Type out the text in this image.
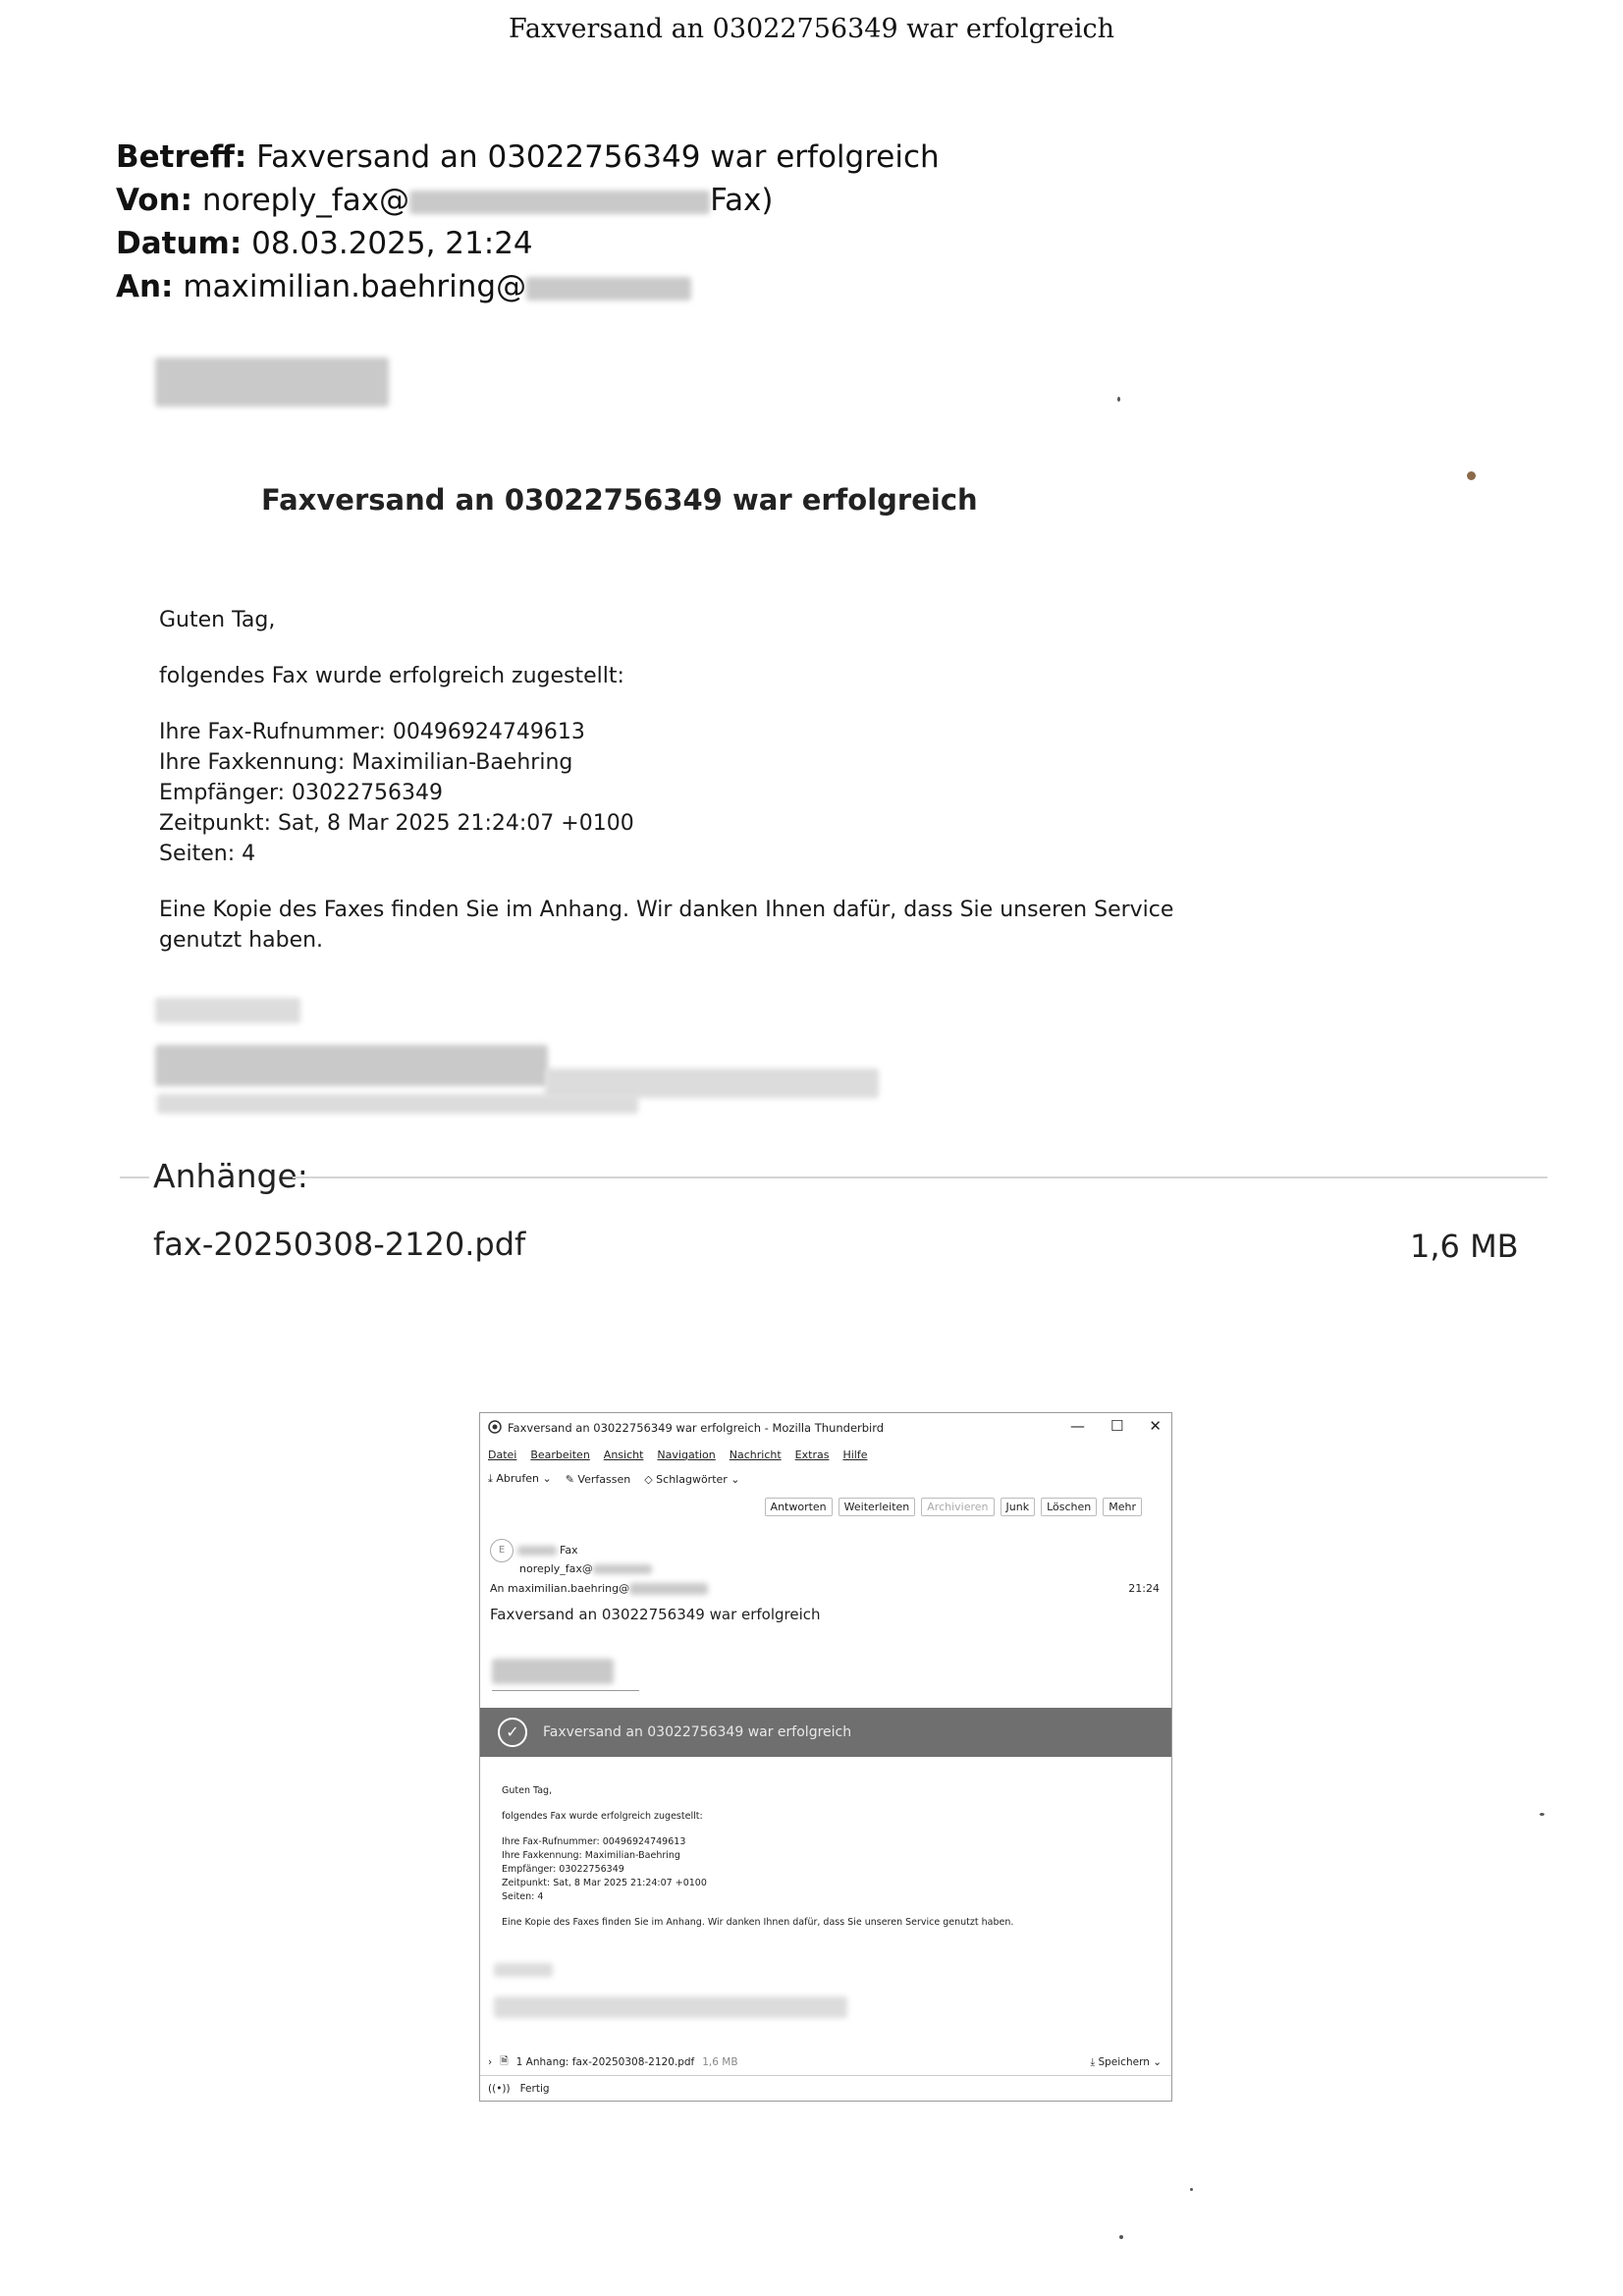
Faxversand an 03022756349 war erfolgreich
Betreff: Faxversand an 03022756349 war erfolgreich
Von: noreply_fax@	Fax)
Datum: 08.03.2025, 21:24
An: maximilian.baehring@
Faxversand an 03022756349 war erfolgreich

Guten Tag,

folgendes Fax wurde erfolgreich zugestellt:

Ihre Fax-Rufnummer: 00496924749613
Ihre Faxkennung: Maximilian-Baehring
Empfänger: 03022756349
Zeitpunkt: Sat, 8 Mar 2025 21:24:07 +0100
Seiten: 4

Eine Kopie des Faxes finden Sie im Anhang. Wir danken Ihnen dafür, dass Sie unseren Service genutzt haben.

Anhänge:
fax-20250308-2120.pdf	1,6 MB
Faxversand an 03022756349 war erfolgreich - Mozilla Thunderbird	— ☐ ✕
Datei Bearbeiten Ansicht Navigation Nachricht Extras Hilfe
⤓ Abrufen ⌄ ✎ Verfassen ◇ Schlagwörter ⌄
Antworten	Weiterleiten	Archivieren	Junk	Löschen	Mehr
E	Fax
noreply_fax@
An maximilian.baehring@	21:24
Faxversand an 03022756349 war erfolgreich
✓	Faxversand an 03022756349 war erfolgreich

Guten Tag,

folgendes Fax wurde erfolgreich zugestellt:

Ihre Fax-Rufnummer: 00496924749613
Ihre Faxkennung: Maximilian-Baehring
Empfänger: 03022756349
Zeitpunkt: Sat, 8 Mar 2025 21:24:07 +0100
Seiten: 4

Eine Kopie des Faxes finden Sie im Anhang. Wir danken Ihnen dafür, dass Sie unseren Service genutzt haben.

› 🗎 1 Anhang: fax-20250308-2120.pdf 1,6 MB	⤓ Speichern ⌄
((•)) Fertig
